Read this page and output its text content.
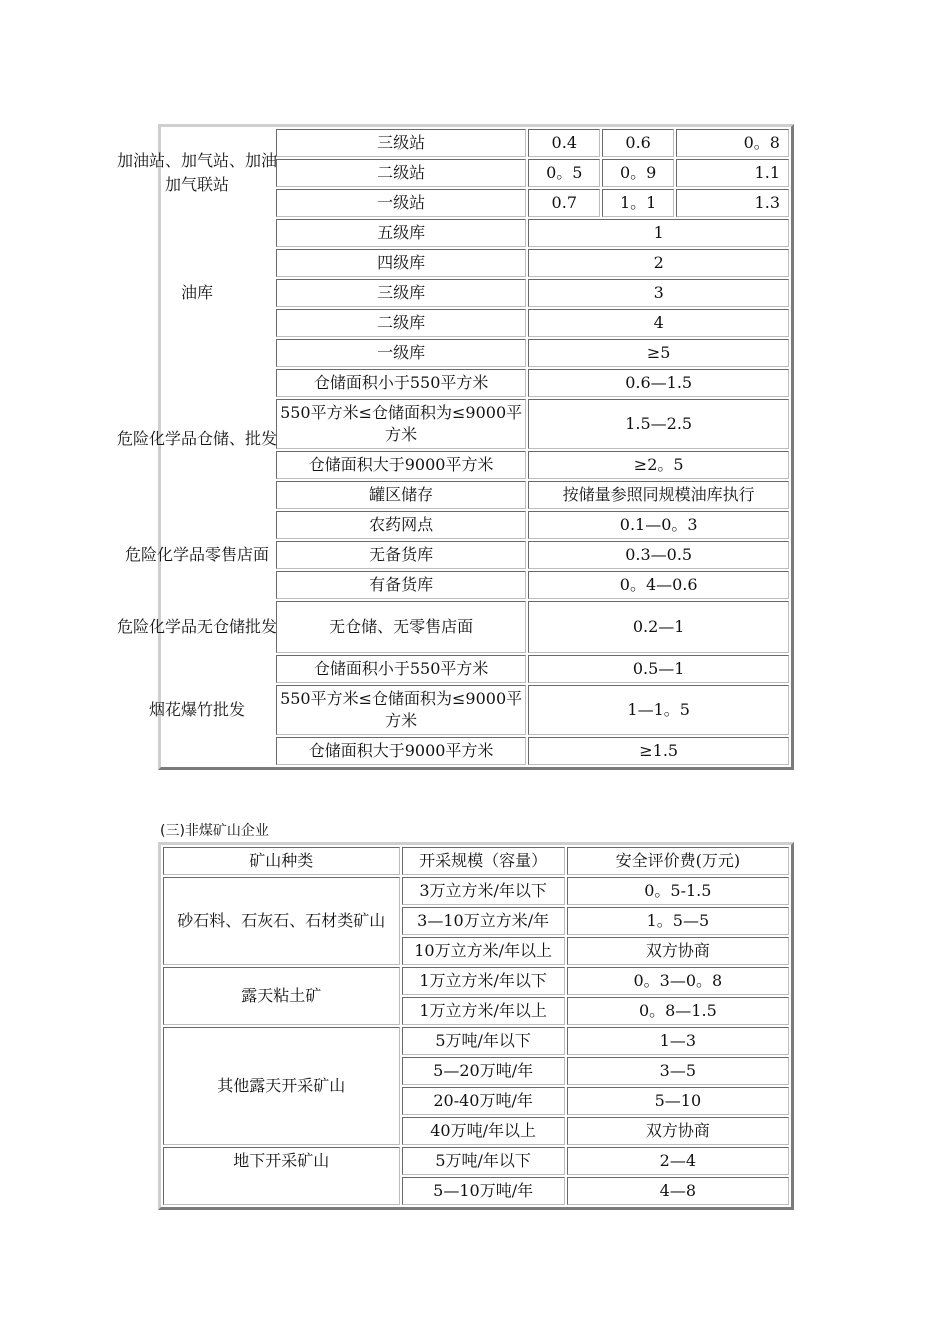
加油站、加气站、加油加气联站	三级站	0.4	0.6	0。8
	二级站	0。5	0。9	1.1
	一级站	0.7	1。1	1.3
油库	五级库	1		
	四级库	2		
	三级库	3		
	二级库	4		
	一级库	≥5		
危险化学品仓储、批发	仓储面积小于550平方米	0.6—1.5		
	550平方米≤仓储面积为≤9000平方米	1.5—2.5		
	仓储面积大于9000平方米	≥2。5		
	罐区储存	按储量参照同规模油库执行		
危险化学品零售店面	农药网点	0.1—0。3		
	无备货库	0.3—0.5		
	有备货库	0。4—0.6		
危险化学品无仓储批发	无仓储、无零售店面	0.2—1		
烟花爆竹批发	仓储面积小于550平方米	0.5—1		
	550平方米≤仓储面积为≤9000平方米	1—1。5		
	仓储面积大于9000平方米	≥1.5		
(三)非煤矿山企业
矿山种类	开采规模（容量）	安全评价费(万元)
砂石料、石灰石、石材类矿山	3万立方米/年以下	0。5-1.5
	3—10万立方米/年	1。5—5
	10万立方米/年以上	双方协商
露天粘土矿	1万立方米/年以下	0。3—0。8
	1万立方米/年以上	0。8—1.5
其他露天开采矿山	5万吨/年以下	1—3
	5—20万吨/年	3—5
	20-40万吨/年	5—10
	40万吨/年以上	双方协商
地下开采矿山	5万吨/年以下	2—4
	5—10万吨/年	4—8
